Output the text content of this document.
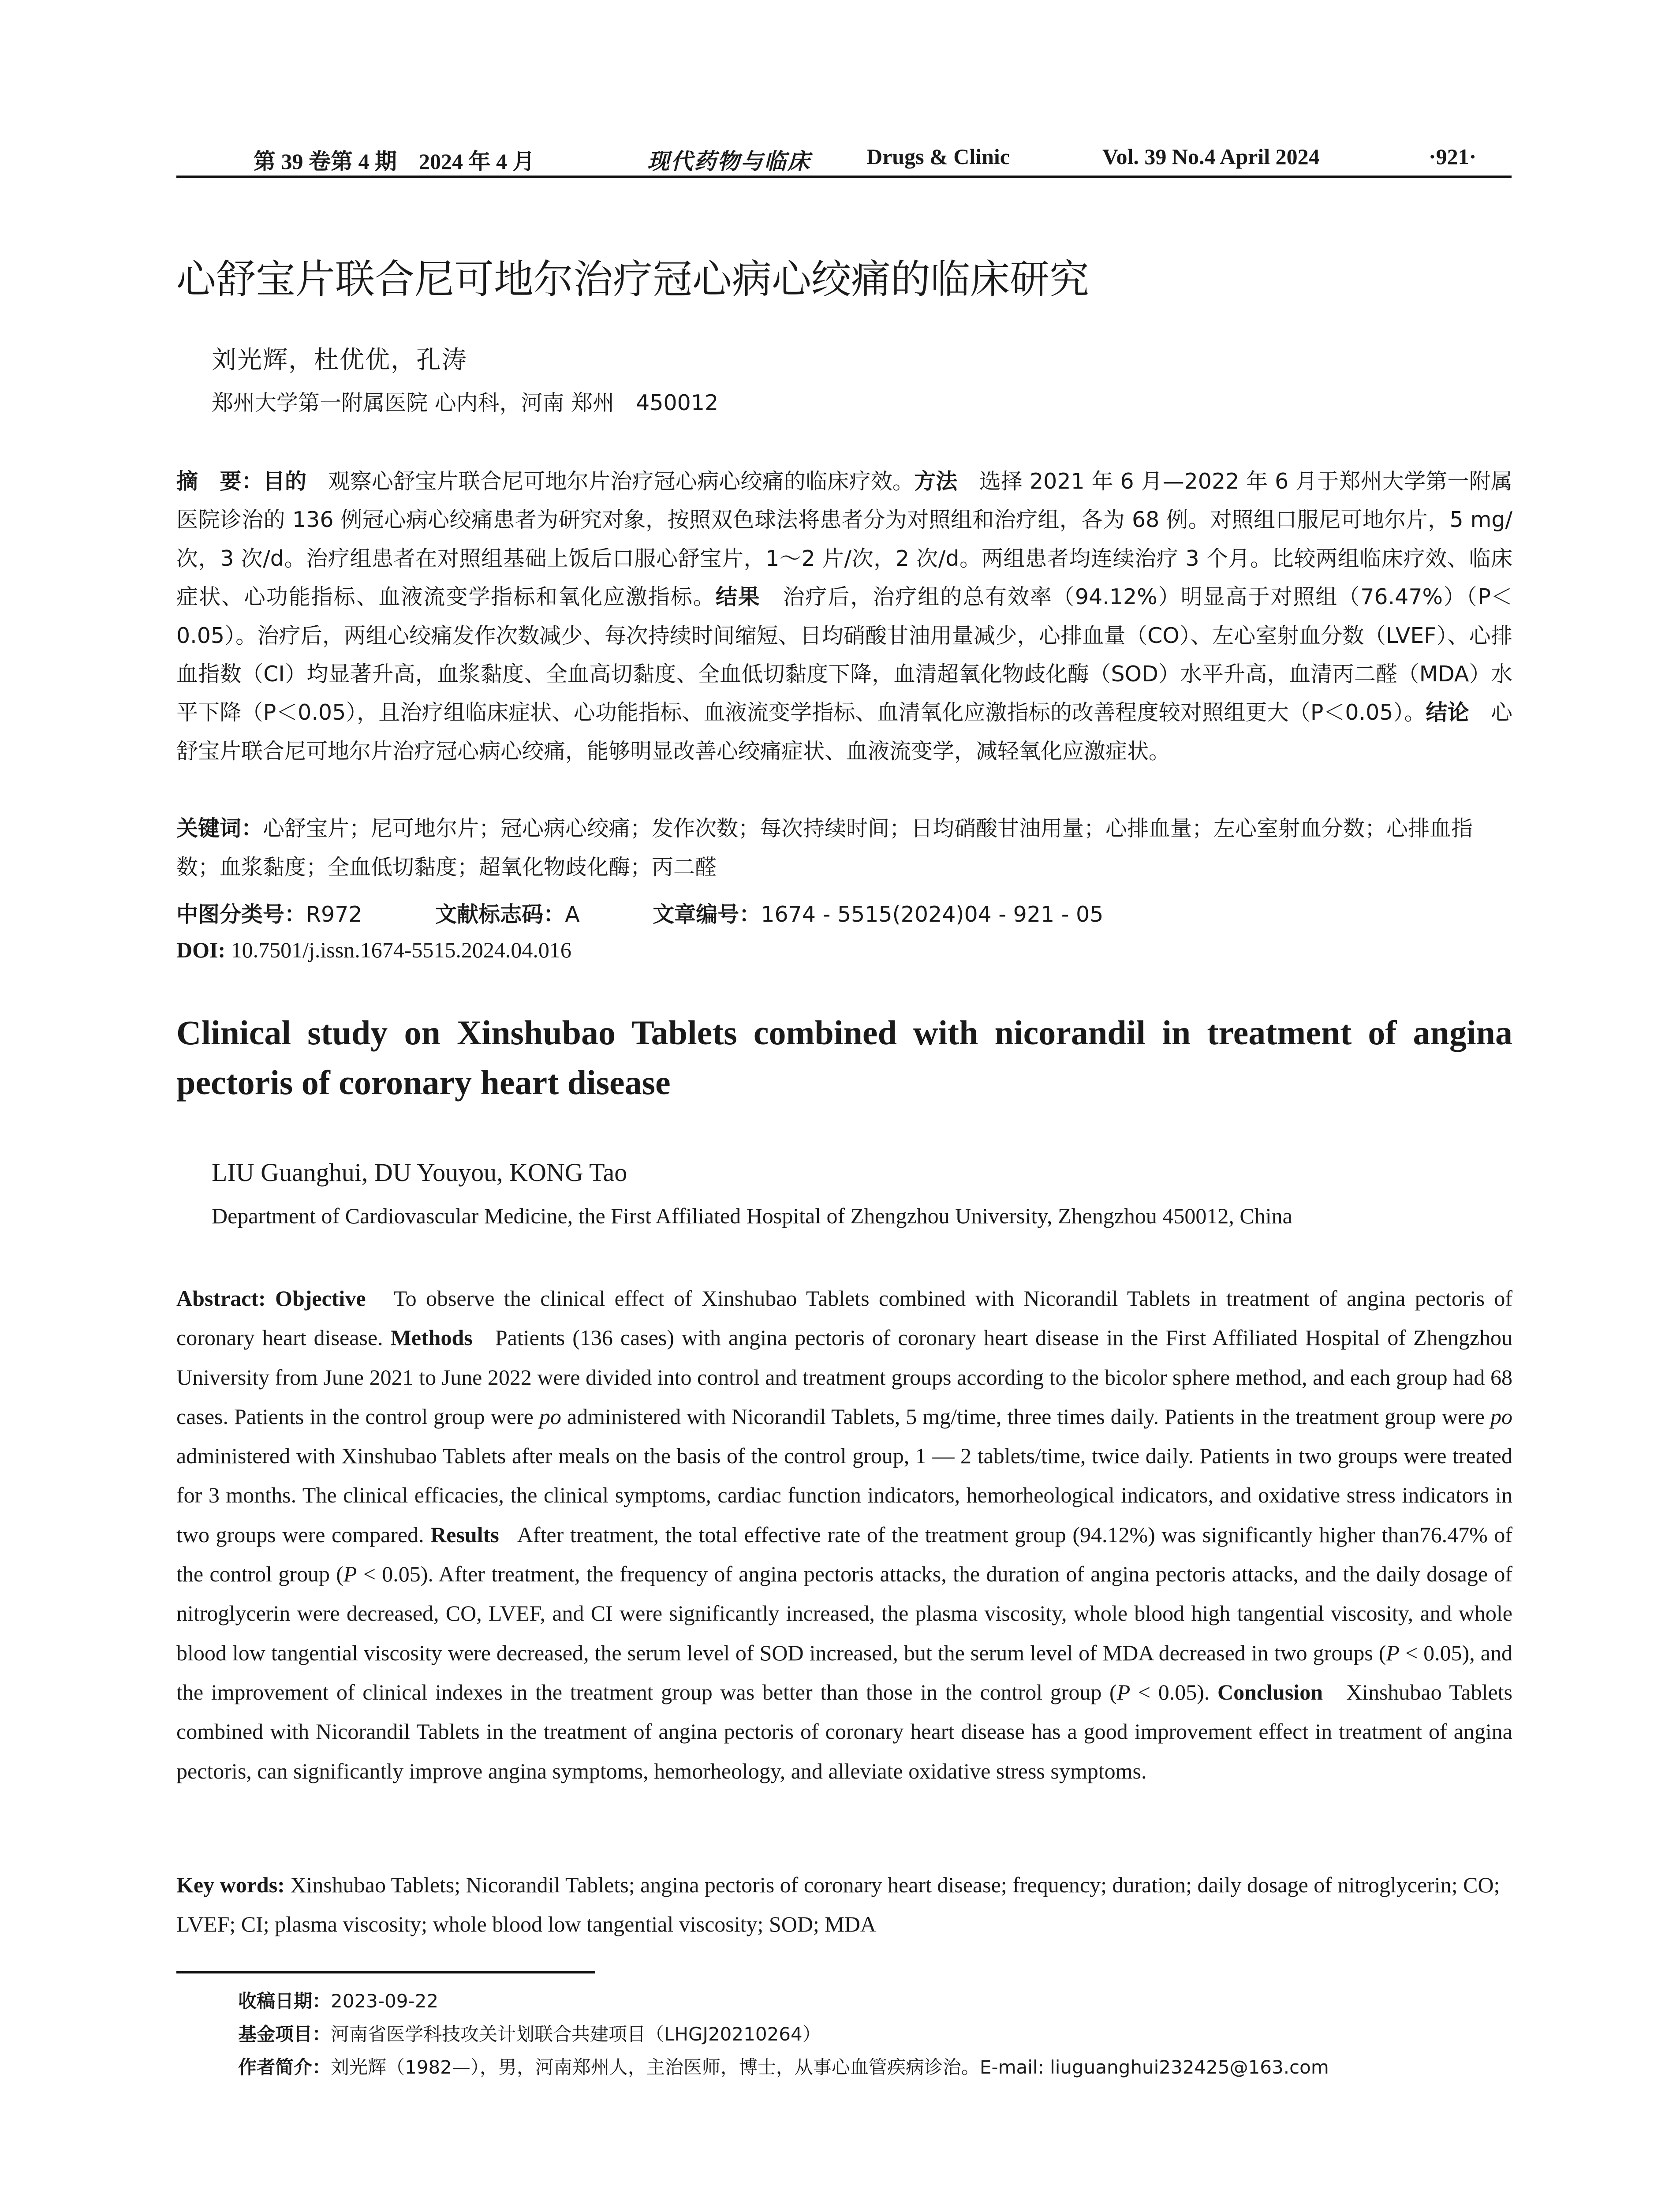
第 39 卷第 4 期　2024 年 4 月	现代药物与临床	Drugs & Clinic	Vol. 39 No.4 April 2024	·921·
心舒宝片联合尼可地尔治疗冠心病心绞痛的临床研究
刘光辉，杜优优，孔涛
郑州大学第一附属医院 心内科，河南 郑州　450012
摘　要：目的　 观察心舒宝片联合尼可地尔片治疗冠心病心绞痛的临床疗效。方法　 选择 2021 年 6 月—2022 年 6 月于郑州大学第一附属医院诊治的 136 例冠心病心绞痛患者为研究对象，按照双色球法将患者分为对照组和治疗组，各为 68 例。对照组口服尼可地尔片，5 mg/次，3 次/d。治疗组患者在对照组基础上饭后口服心舒宝片，1～2 片/次，2 次/d。两组患者均连续治疗 3 个月。比较两组临床疗效、临床症状、心功能指标、血液流变学指标和氧化应激指标。结果　 治疗后，治疗组的总有效率（94.12%）明显高于对照组（76.47%）（P＜0.05）。治疗后，两组心绞痛发作次数减少、每次持续时间缩短、日均硝酸甘油用量减少，心排血量（CO）、左心室射血分数（LVEF）、心排血指数（CI）均显著升高，血浆黏度、全血高切黏度、全血低切黏度下降，血清超氧化物歧化酶（SOD）水平升高，血清丙二醛（MDA）水平下降（P＜0.05），且治疗组临床症状、心功能指标、血液流变学指标、血清氧化应激指标的改善程度较对照组更大（P＜0.05）。结论　 心舒宝片联合尼可地尔片治疗冠心病心绞痛，能够明显改善心绞痛症状、血液流变学，减轻氧化应激症状。
关键词：心舒宝片；尼可地尔片；冠心病心绞痛；发作次数；每次持续时间；日均硝酸甘油用量；心排血量；左心室射血分数；心排血指数；血浆黏度；全血低切黏度；超氧化物歧化酶；丙二醛
中图分类号：R972	文献标志码：A	文章编号：1674 - 5515(2024)04 - 921 - 05
DOI: 10.7501/j.issn.1674-5515.2024.04.016
Clinical study on Xinshubao Tablets combined with nicorandil in treatment of angina pectoris of coronary heart disease
LIU Guanghui, DU Youyou, KONG Tao
Department of Cardiovascular Medicine, the First Affiliated Hospital of Zhengzhou University, Zhengzhou 450012, China
Abstract: Objective To observe the clinical effect of Xinshubao Tablets combined with Nicorandil Tablets in treatment of angina pectoris of coronary heart disease. Methods Patients (136 cases) with angina pectoris of coronary heart disease in the First Affiliated Hospital of Zhengzhou University from June 2021 to June 2022 were divided into control and treatment groups according to the bicolor sphere method, and each group had 68 cases. Patients in the control group were po administered with Nicorandil Tablets, 5 mg/time, three times daily. Patients in the treatment group were po administered with Xinshubao Tablets after meals on the basis of the control group, 1 — 2 tablets/time, twice daily. Patients in two groups were treated for 3 months. The clinical efficacies, the clinical symptoms, cardiac function indicators, hemorheological indicators, and oxidative stress indicators in two groups were compared. Results After treatment, the total effective rate of the treatment group (94.12%) was significantly higher than76.47% of the control group (P < 0.05). After treatment, the frequency of angina pectoris attacks, the duration of angina pectoris attacks, and the daily dosage of nitroglycerin were decreased, CO, LVEF, and CI were significantly increased, the plasma viscosity, whole blood high tangential viscosity, and whole blood low tangential viscosity were decreased, the serum level of SOD increased, but the serum level of MDA decreased in two groups (P < 0.05), and the improvement of clinical indexes in the treatment group was better than those in the control group (P < 0.05). Conclusion Xinshubao Tablets combined with Nicorandil Tablets in the treatment of angina pectoris of coronary heart disease has a good improvement effect in treatment of angina pectoris, can significantly improve angina symptoms, hemorheology, and alleviate oxidative stress symptoms.
Key words: Xinshubao Tablets; Nicorandil Tablets; angina pectoris of coronary heart disease; frequency; duration; daily dosage of nitroglycerin; CO; LVEF; CI; plasma viscosity; whole blood low tangential viscosity; SOD; MDA
收稿日期：2023-09-22
基金项目：河南省医学科技攻关计划联合共建项目（LHGJ20210264）
作者简介：刘光辉（1982—），男，河南郑州人，主治医师，博士，从事心血管疾病诊治。E-mail: liuguanghui232425@163.com
